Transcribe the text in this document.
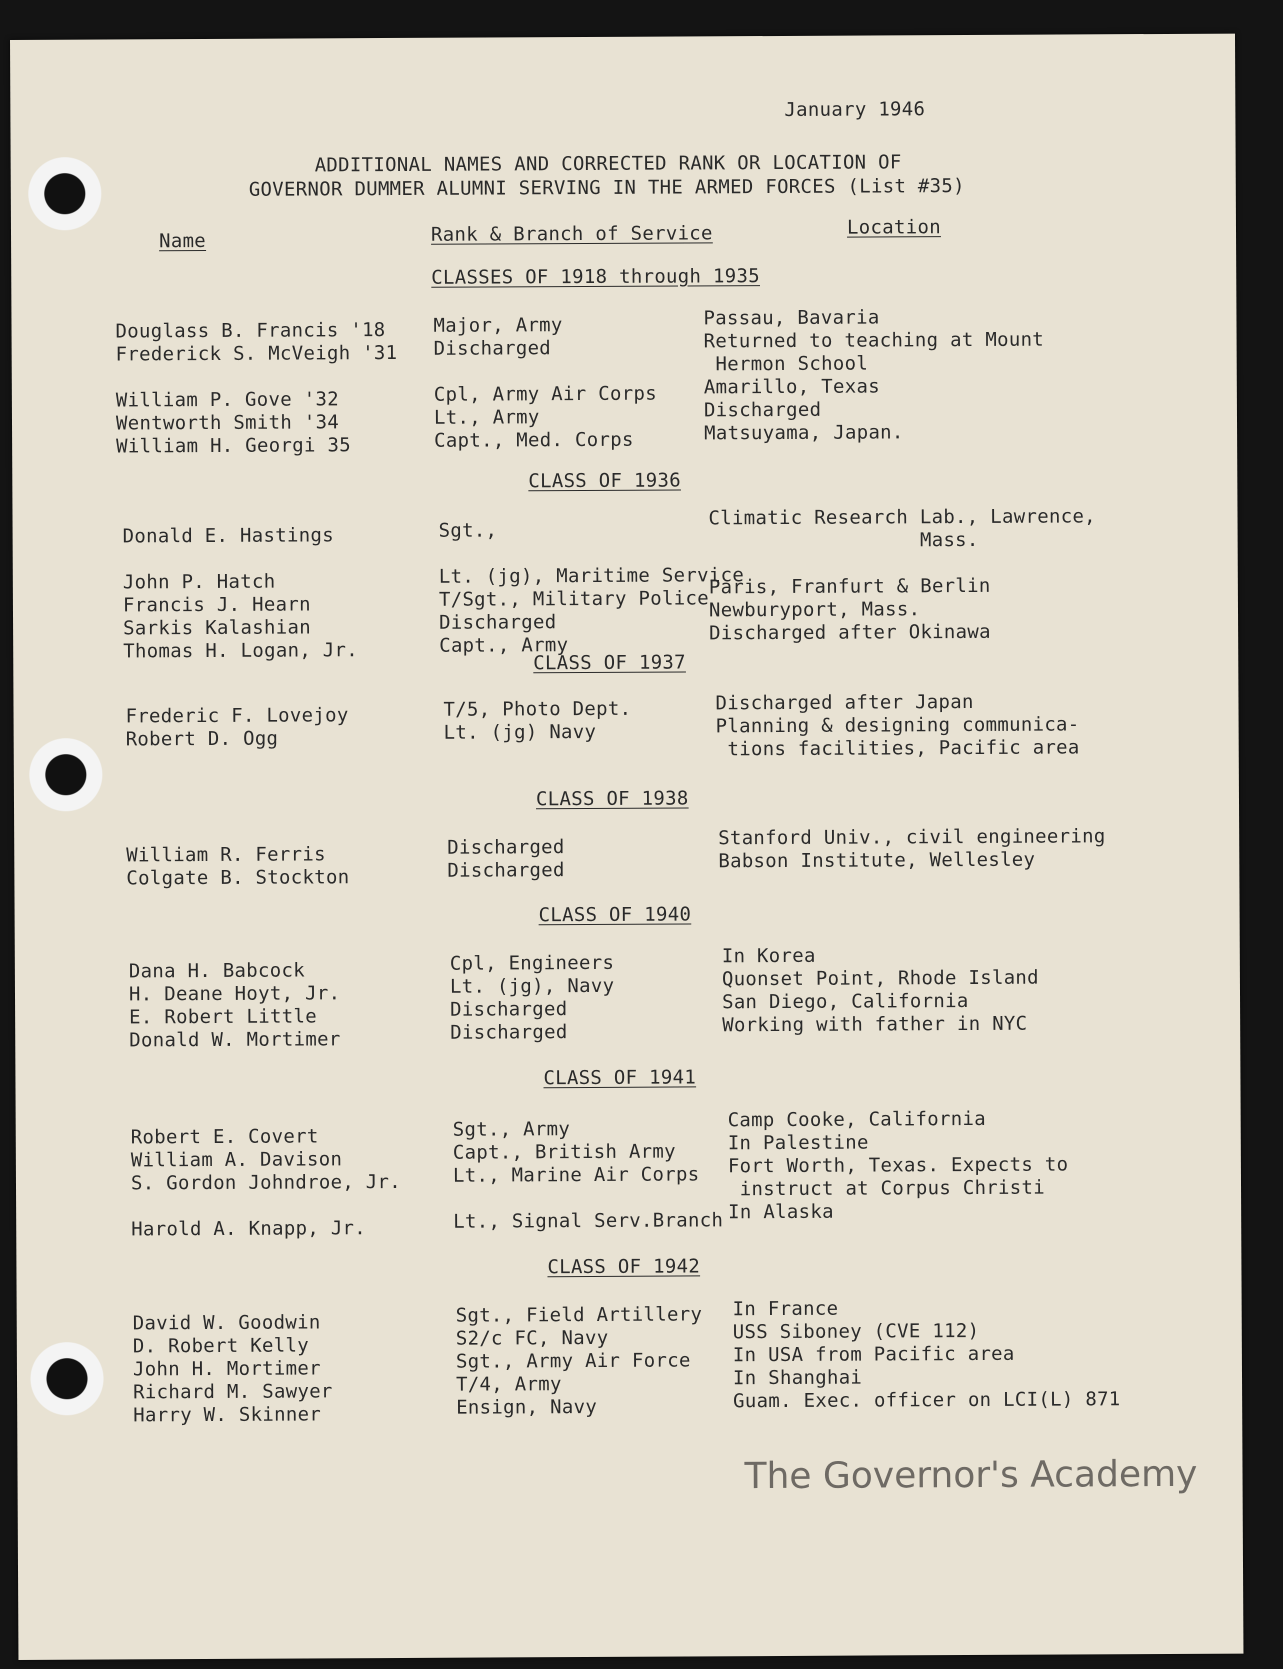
January 1946
ADDITIONAL NAMES AND CORRECTED RANK OR LOCATION OF
GOVERNOR DUMMER ALUMNI SERVING IN THE ARMED FORCES (List #35)
Name	Rank & Branch of Service	Location
CLASSES OF 1918 through 1935
Douglass B. Francis '18
Frederick S. McVeigh '31
William P. Gove '32
Wentworth Smith '34
William H. Georgi 35
Major, Army
Discharged
Cpl, Army Air Corps
Lt., Army
Capt., Med. Corps
Passau, Bavaria
Returned to teaching at Mount
Hermon School
Amarillo, Texas
Discharged
Matsuyama, Japan.
CLASS OF 1936
Donald E. Hastings
John P. Hatch
Francis J. Hearn
Sarkis Kalashian
Thomas H. Logan, Jr.
Sgt.,
Lt. (jg), Maritime Service
T/Sgt., Military Police
Discharged
Capt., Army
Climatic Research Lab., Lawrence,
Mass.
Paris, Franfurt & Berlin
Newburyport, Mass.
Discharged after Okinawa
CLASS OF 1937
Frederic F. Lovejoy
Robert D. Ogg
T/5, Photo Dept.
Lt. (jg) Navy
Discharged after Japan
Planning & designing communica-
tions facilities, Pacific area
CLASS OF 1938
William R. Ferris
Colgate B. Stockton
Discharged
Discharged
Stanford Univ., civil engineering
Babson Institute, Wellesley
CLASS OF 1940
Dana H. Babcock
H. Deane Hoyt, Jr.
E. Robert Little
Donald W. Mortimer
Cpl, Engineers
Lt. (jg), Navy
Discharged
Discharged
In Korea
Quonset Point, Rhode Island
San Diego, California
Working with father in NYC
CLASS OF 1941
Robert E. Covert
William A. Davison
S. Gordon Johndroe, Jr.
Harold A. Knapp, Jr.
Sgt., Army
Capt., British Army
Lt., Marine Air Corps
Lt., Signal Serv.Branch
Camp Cooke, California
In Palestine
Fort Worth, Texas. Expects to
instruct at Corpus Christi
In Alaska
CLASS OF 1942
David W. Goodwin
D. Robert Kelly
John H. Mortimer
Richard M. Sawyer
Harry W. Skinner
Sgt., Field Artillery
S2/c FC, Navy
Sgt., Army Air Force
T/4, Army
Ensign, Navy
In France
USS Siboney (CVE 112)
In USA from Pacific area
In Shanghai
Guam. Exec. officer on LCI(L) 871
The Governor's Academy
